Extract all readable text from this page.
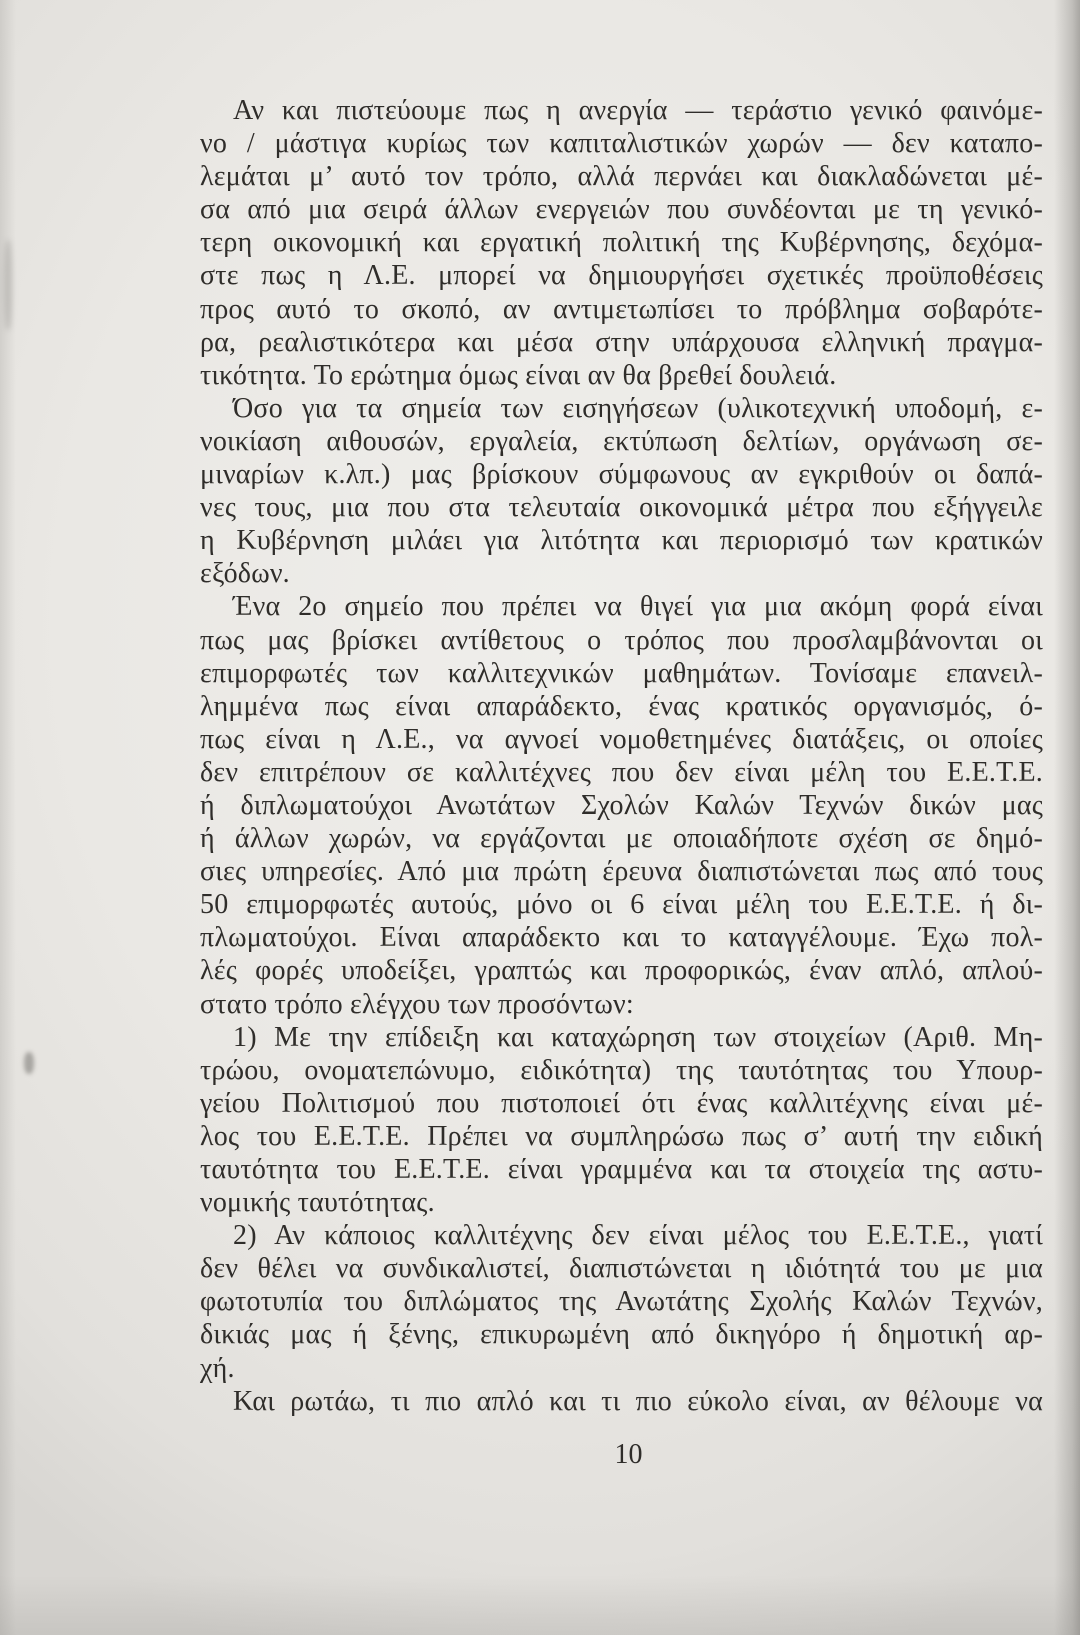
Αν και πιστεύουμε πως η ανεργία — τεράστιο γενικό φαινόμε-
νο / μάστιγα κυρίως των καπιταλιστικών χωρών — δεν καταπο-
λεμάται μ’ αυτό τον τρόπο, αλλά περνάει και διακλαδώνεται μέ-
σα από μια σειρά άλλων ενεργειών που συνδέονται με τη γενικό-
τερη οικονομική και εργατική πολιτική της Κυβέρνησης, δεχόμα-
στε πως η Λ.Ε. μπορεί να δημιουργήσει σχετικές προϋποθέσεις
προς αυτό το σκοπό, αν αντιμετωπίσει το πρόβλημα σοβαρότε-
ρα, ρεαλιστικότερα και μέσα στην υπάρχουσα ελληνική πραγμα-
τικότητα. Το ερώτημα όμως είναι αν θα βρεθεί δουλειά.
Όσο για τα σημεία των εισηγήσεων (υλικοτεχνική υποδομή, ε-
νοικίαση αιθουσών, εργαλεία, εκτύπωση δελτίων, οργάνωση σε-
μιναρίων κ.λπ.) μας βρίσκουν σύμφωνους αν εγκριθούν οι δαπά-
νες τους, μια που στα τελευταία οικονομικά μέτρα που εξήγγειλε
η Κυβέρνηση μιλάει για λιτότητα και περιορισμό των κρατικών
εξόδων.
Ένα 2ο σημείο που πρέπει να θιγεί για μια ακόμη φορά είναι
πως μας βρίσκει αντίθετους ο τρόπος που προσλαμβάνονται οι
επιμορφωτές των καλλιτεχνικών μαθημάτων. Τονίσαμε επανειλ-
λημμένα πως είναι απαράδεκτο, ένας κρατικός οργανισμός, ό-
πως είναι η Λ.Ε., να αγνοεί νομοθετημένες διατάξεις, οι οποίες
δεν επιτρέπουν σε καλλιτέχνες που δεν είναι μέλη του Ε.Ε.Τ.Ε.
ή διπλωματούχοι Ανωτάτων Σχολών Καλών Τεχνών δικών μας
ή άλλων χωρών, να εργάζονται με οποιαδήποτε σχέση σε δημό-
σιες υπηρεσίες. Από μια πρώτη έρευνα διαπιστώνεται πως από τους
50 επιμορφωτές αυτούς, μόνο οι 6 είναι μέλη του Ε.Ε.Τ.Ε. ή δι-
πλωματούχοι. Είναι απαράδεκτο και το καταγγέλουμε. Έχω πολ-
λές φορές υποδείξει, γραπτώς και προφορικώς, έναν απλό, απλού-
στατο τρόπο ελέγχου των προσόντων:
1) Με την επίδειξη και καταχώρηση των στοιχείων (Αριθ. Μη-
τρώου, ονοματεπώνυμο, ειδικότητα) της ταυτότητας του Υπουρ-
γείου Πολιτισμού που πιστοποιεί ότι ένας καλλιτέχνης είναι μέ-
λος του Ε.Ε.Τ.Ε. Πρέπει να συμπληρώσω πως σ’ αυτή την ειδική
ταυτότητα του Ε.Ε.Τ.Ε. είναι γραμμένα και τα στοιχεία της αστυ-
νομικής ταυτότητας.
2) Αν κάποιος καλλιτέχνης δεν είναι μέλος του Ε.Ε.Τ.Ε., γιατί
δεν θέλει να συνδικαλιστεί, διαπιστώνεται η ιδιότητά του με μια
φωτοτυπία του διπλώματος της Ανωτάτης Σχολής Καλών Τεχνών,
δικιάς μας ή ξένης, επικυρωμένη από δικηγόρο ή δημοτική αρ-
χή.
Και ρωτάω, τι πιο απλό και τι πιο εύκολο είναι, αν θέλουμε να
10
